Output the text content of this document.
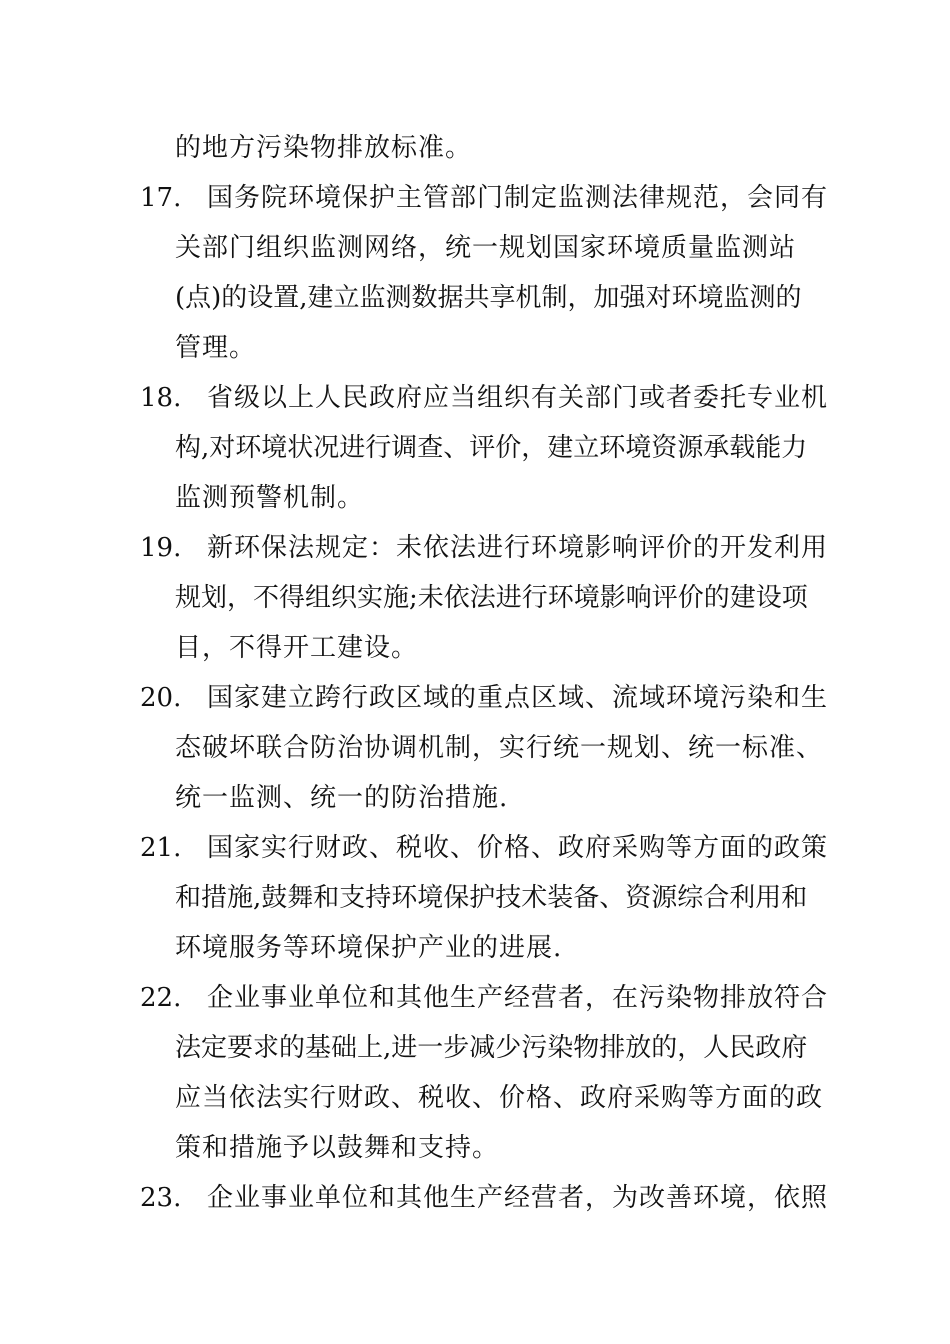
的地方污染物排放标准。
17. 国务院环境保护主管部门制定监测法律规范，会同有
关部门组织监测网络，统一规划国家环境质量监测站
(点)的设置,建立监测数据共享机制，加强对环境监测的
管理。
18. 省级以上人民政府应当组织有关部门或者委托专业机
构,对环境状况进行调查、评价，建立环境资源承载能力
监测预警机制。
19. 新环保法规定：未依法进行环境影响评价的开发利用
规划，不得组织实施;未依法进行环境影响评价的建设项
目，不得开工建设。
20. 国家建立跨行政区域的重点区域、流域环境污染和生
态破坏联合防治协调机制，实行统一规划、统一标准、
统一监测、统一的防治措施.
21. 国家实行财政、税收、价格、政府采购等方面的政策
和措施,鼓舞和支持环境保护技术装备、资源综合利用和
环境服务等环境保护产业的进展.
22. 企业事业单位和其他生产经营者，在污染物排放符合
法定要求的基础上,进一步减少污染物排放的，人民政府
应当依法实行财政、税收、价格、政府采购等方面的政
策和措施予以鼓舞和支持。
23. 企业事业单位和其他生产经营者，为改善环境，依照
